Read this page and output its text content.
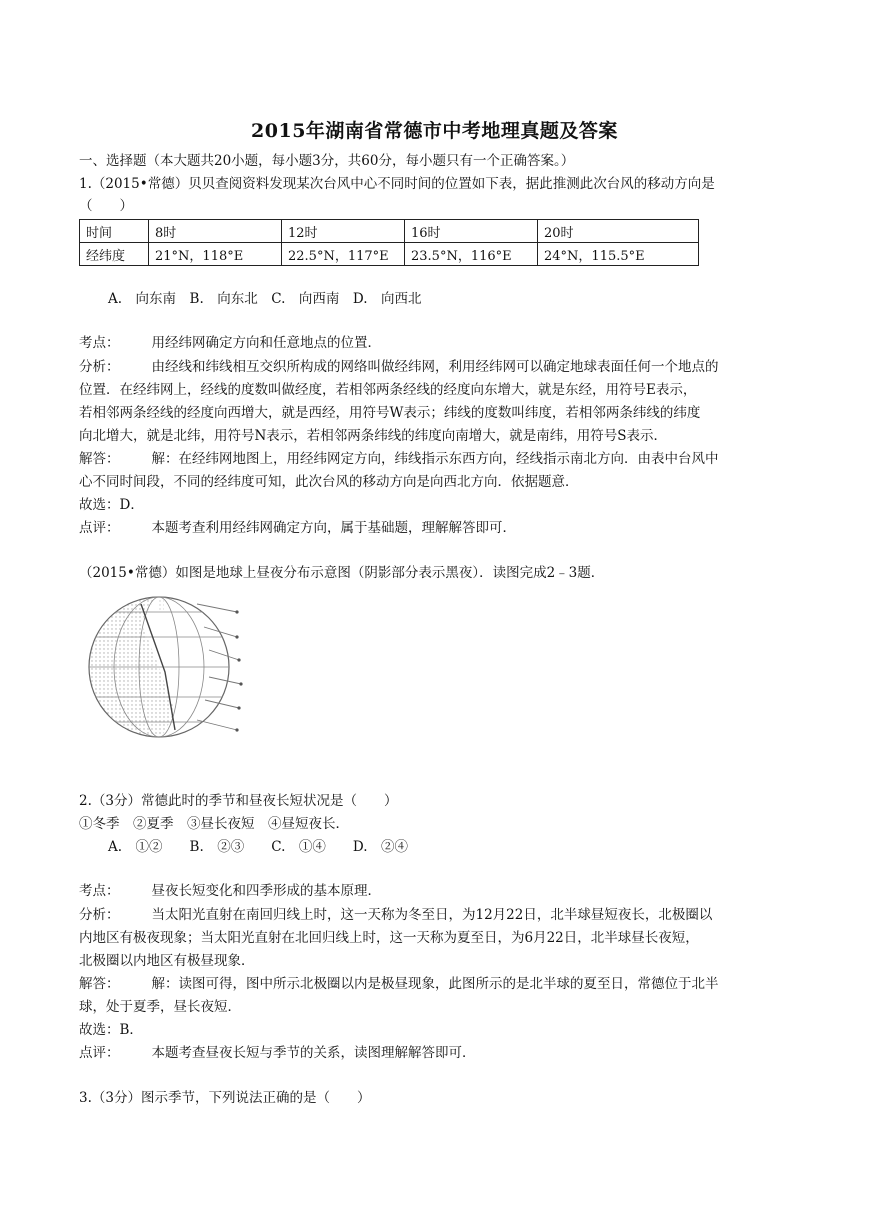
2015年湖南省常德市中考地理真题及答案
一、选择题（本大题共20小题，每小题3分，共60分，每小题只有一个正确答案。）
1.（2015•常德）贝贝查阅资料发现某次台风中心不同时间的位置如下表，据此推测此次台风的移动方向是
（　　）
时间	8时	12时	16时	20时
经纬度	21°N，118°E	22.5°N，117°E	23.5°N，116°E	24°N，115.5°E
A.　向东南　B.　向东北　C.　向西南　D.　向西北
考点： 用经纬网确定方向和任意地点的位置．
分析： 由经线和纬线相互交织所构成的网络叫做经纬网，利用经纬网可以确定地球表面任何一个地点的
位置．在经纬网上，经线的度数叫做经度，若相邻两条经线的经度向东增大，就是东经，用符号E表示，
若相邻两条经线的经度向西增大，就是西经，用符号W表示；纬线的度数叫纬度，若相邻两条纬线的纬度
向北增大，就是北纬，用符号N表示，若相邻两条纬线的纬度向南增大，就是南纬，用符号S表示．
解答： 解：在经纬网地图上，用经纬网定方向，纬线指示东西方向，经线指示南北方向．由表中台风中
心不同时间段，不同的经纬度可知，此次台风的移动方向是向西北方向．依据题意．
故选：D．
点评： 本题考查利用经纬网确定方向，属于基础题，理解解答即可．
（2015•常德）如图是地球上昼夜分布示意图（阴影部分表示黑夜）．读图完成2﹣3题．
2.（3分）常德此时的季节和昼夜长短状况是（　　）
①冬季　②夏季　③昼长夜短　④昼短夜长．
A.　①②　　B.　②③　　C.　①④　　D.　②④
考点： 昼夜长短变化和四季形成的基本原理．
分析： 当太阳光直射在南回归线上时，这一天称为冬至日，为12月22日，北半球昼短夜长，北极圈以
内地区有极夜现象；当太阳光直射在北回归线上时，这一天称为夏至日，为6月22日，北半球昼长夜短，
北极圈以内地区有极昼现象．
解答： 解：读图可得，图中所示北极圈以内是极昼现象，此图所示的是北半球的夏至日，常德位于北半
球，处于夏季，昼长夜短．
故选：B．
点评： 本题考查昼夜长短与季节的关系，读图理解解答即可．
3.（3分）图示季节，下列说法正确的是（　　）
